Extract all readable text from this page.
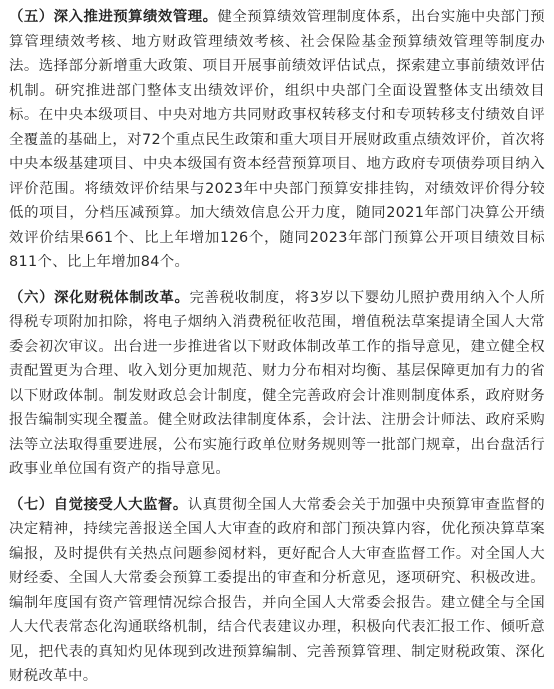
（五）深入推进预算绩效管理。健全预算绩效管理制度体系，出台实施中央部门预算管理绩效考核、地方财政管理绩效考核、社会保险基金预算绩效管理等制度办法。选择部分新增重大政策、项目开展事前绩效评估试点，探索建立事前绩效评估机制。研究推进部门整体支出绩效评价，组织中央部门全面设置整体支出绩效目标。在中央本级项目、中央对地方共同财政事权转移支付和专项转移支付绩效自评全覆盖的基础上，对72个重点民生政策和重大项目开展财政重点绩效评价，首次将中央本级基建项目、中央本级国有资本经营预算项目、地方政府专项债券项目纳入评价范围。将绩效评价结果与2023年中央部门预算安排挂钩，对绩效评价得分较低的项目，分档压减预算。加大绩效信息公开力度，随同2021年部门决算公开绩效评价结果661个、比上年增加126个，随同2023年部门预算公开项目绩效目标811个、比上年增加84个。

（六）深化财税体制改革。完善税收制度，将3岁以下婴幼儿照护费用纳入个人所得税专项附加扣除，将电子烟纳入消费税征收范围，增值税法草案提请全国人大常委会初次审议。出台进一步推进省以下财政体制改革工作的指导意见，建立健全权责配置更为合理、收入划分更加规范、财力分布相对均衡、基层保障更加有力的省以下财政体制。制发财政总会计制度，健全完善政府会计准则制度体系，政府财务报告编制实现全覆盖。健全财政法律制度体系，会计法、注册会计师法、政府采购法等立法取得重要进展，公布实施行政单位财务规则等一批部门规章，出台盘活行政事业单位国有资产的指导意见。

（七）自觉接受人大监督。认真贯彻全国人大常委会关于加强中央预算审查监督的决定精神，持续完善报送全国人大审查的政府和部门预决算内容，优化预决算草案编报，及时提供有关热点问题参阅材料，更好配合人大审查监督工作。对全国人大财经委、全国人大常委会预算工委提出的审查和分析意见，逐项研究、积极改进。编制年度国有资产管理情况综合报告，并向全国人大常委会报告。建立健全与全国人大代表常态化沟通联络机制，结合代表建议办理，积极向代表汇报工作、倾听意见，把代表的真知灼见体现到改进预算编制、完善预算管理、制定财税政策、深化财税改革中。
